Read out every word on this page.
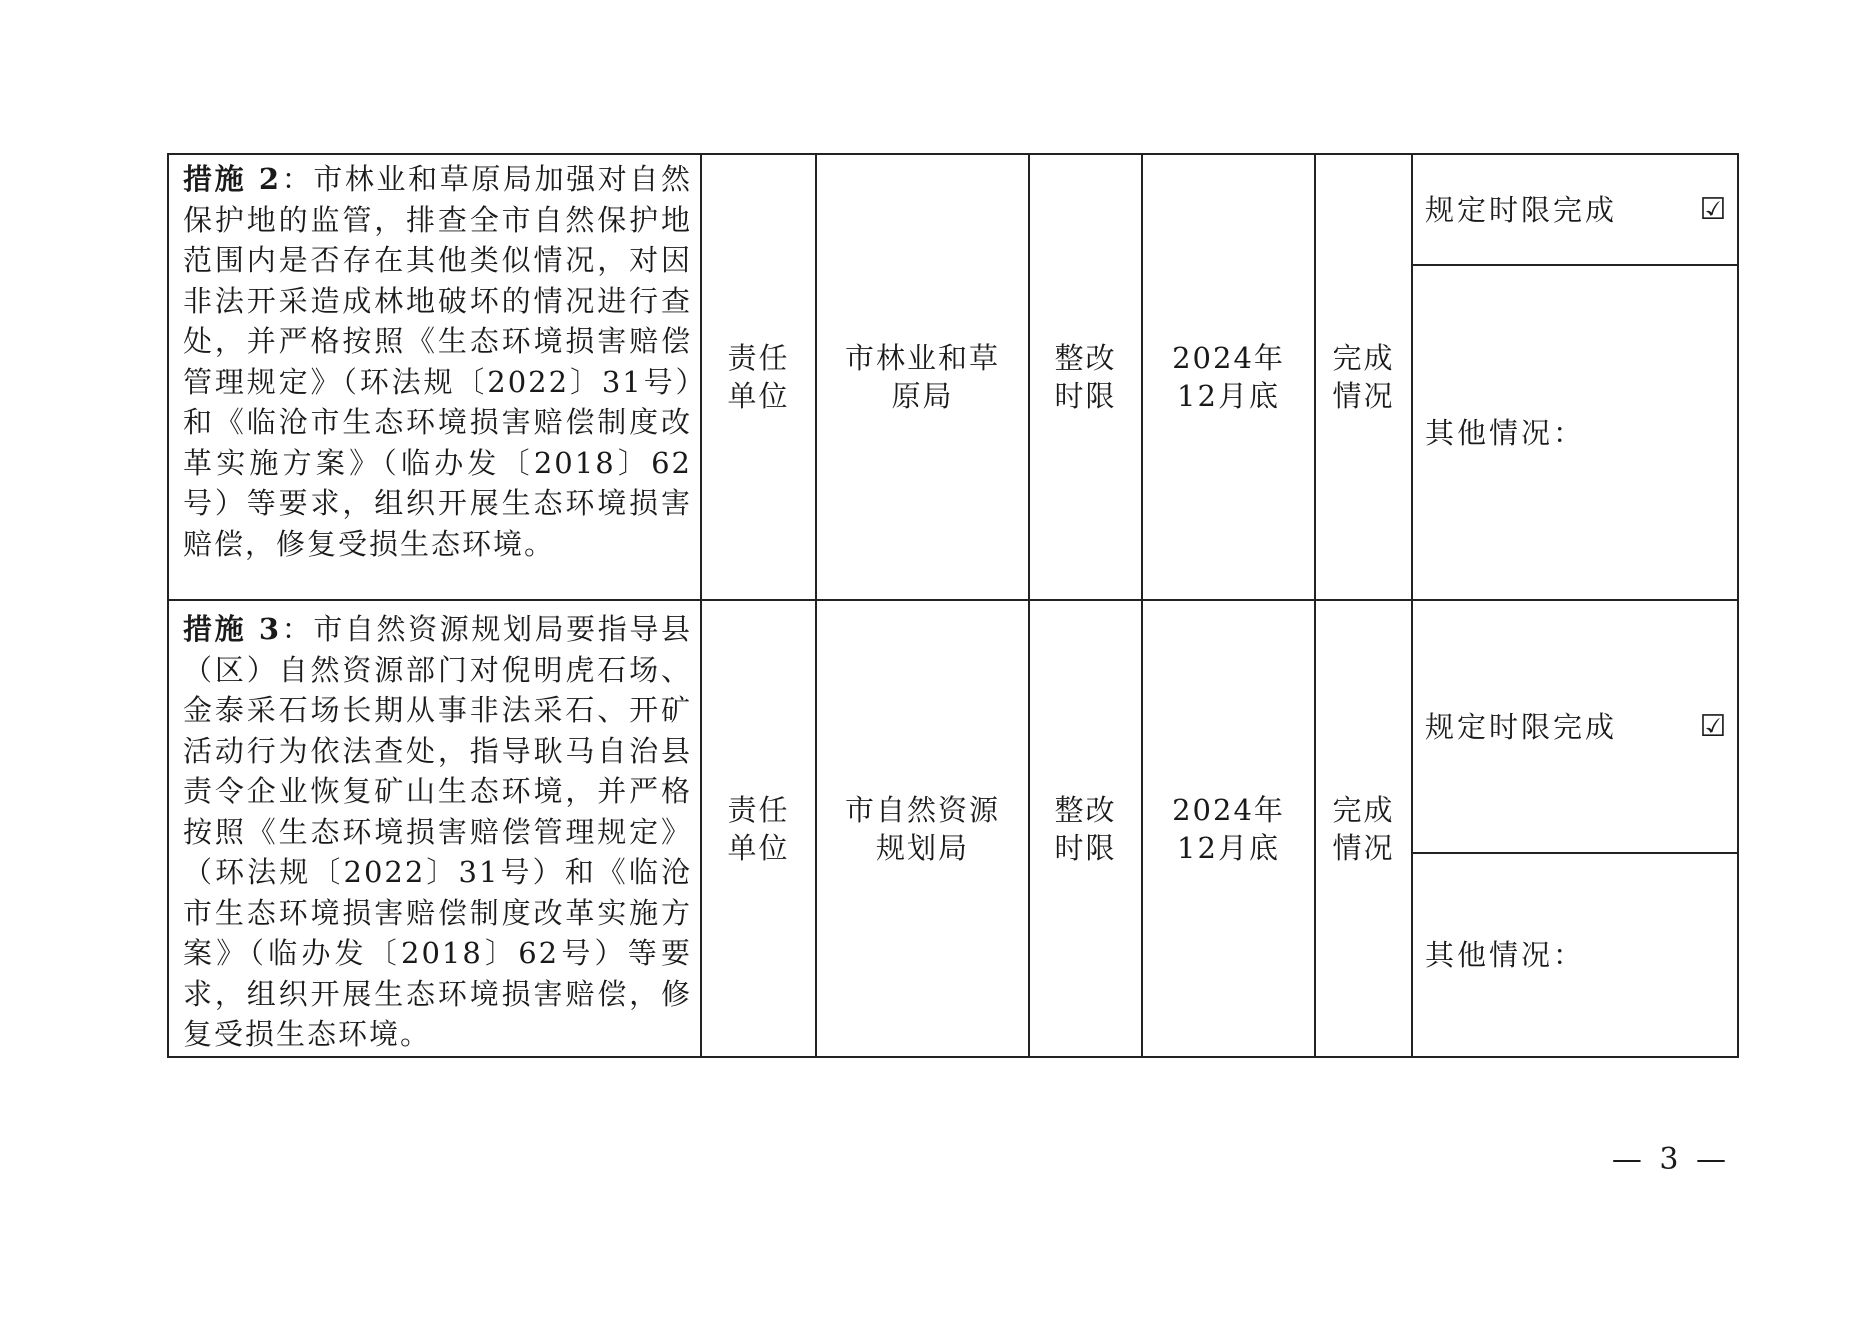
措施 2：市林业和草原局加强对自然保护地的监管，排查全市自然保护地范围内是否存在其他类似情况，对因非法开采造成林地破坏的情况进行查处，并严格按照《生态环境损害赔偿管理规定》（环法规〔2022〕31号）和《临沧市生态环境损害赔偿制度改革实施方案》（临办发〔2018〕62号）等要求，组织开展生态环境损害赔偿，修复受损生态环境。	责任单位	市林业和草原局	整改时限	2024年12月底	完成情况	规定时限完成 ☑
其他情况：

措施 3：市自然资源规划局要指导县（区）自然资源部门对倪明虎石场、金泰采石场长期从事非法采石、开矿活动行为依法查处，指导耿马自治县责令企业恢复矿山生态环境，并严格按照《生态环境损害赔偿管理规定》（环法规〔2022〕31号）和《临沧市生态环境损害赔偿制度改革实施方案》（临办发〔2018〕62号）等要求，组织开展生态环境损害赔偿，修复受损生态环境。	责任单位	市自然资源规划局	整改时限	2024年12月底	完成情况	规定时限完成 ☑
其他情况：
— 3 —
